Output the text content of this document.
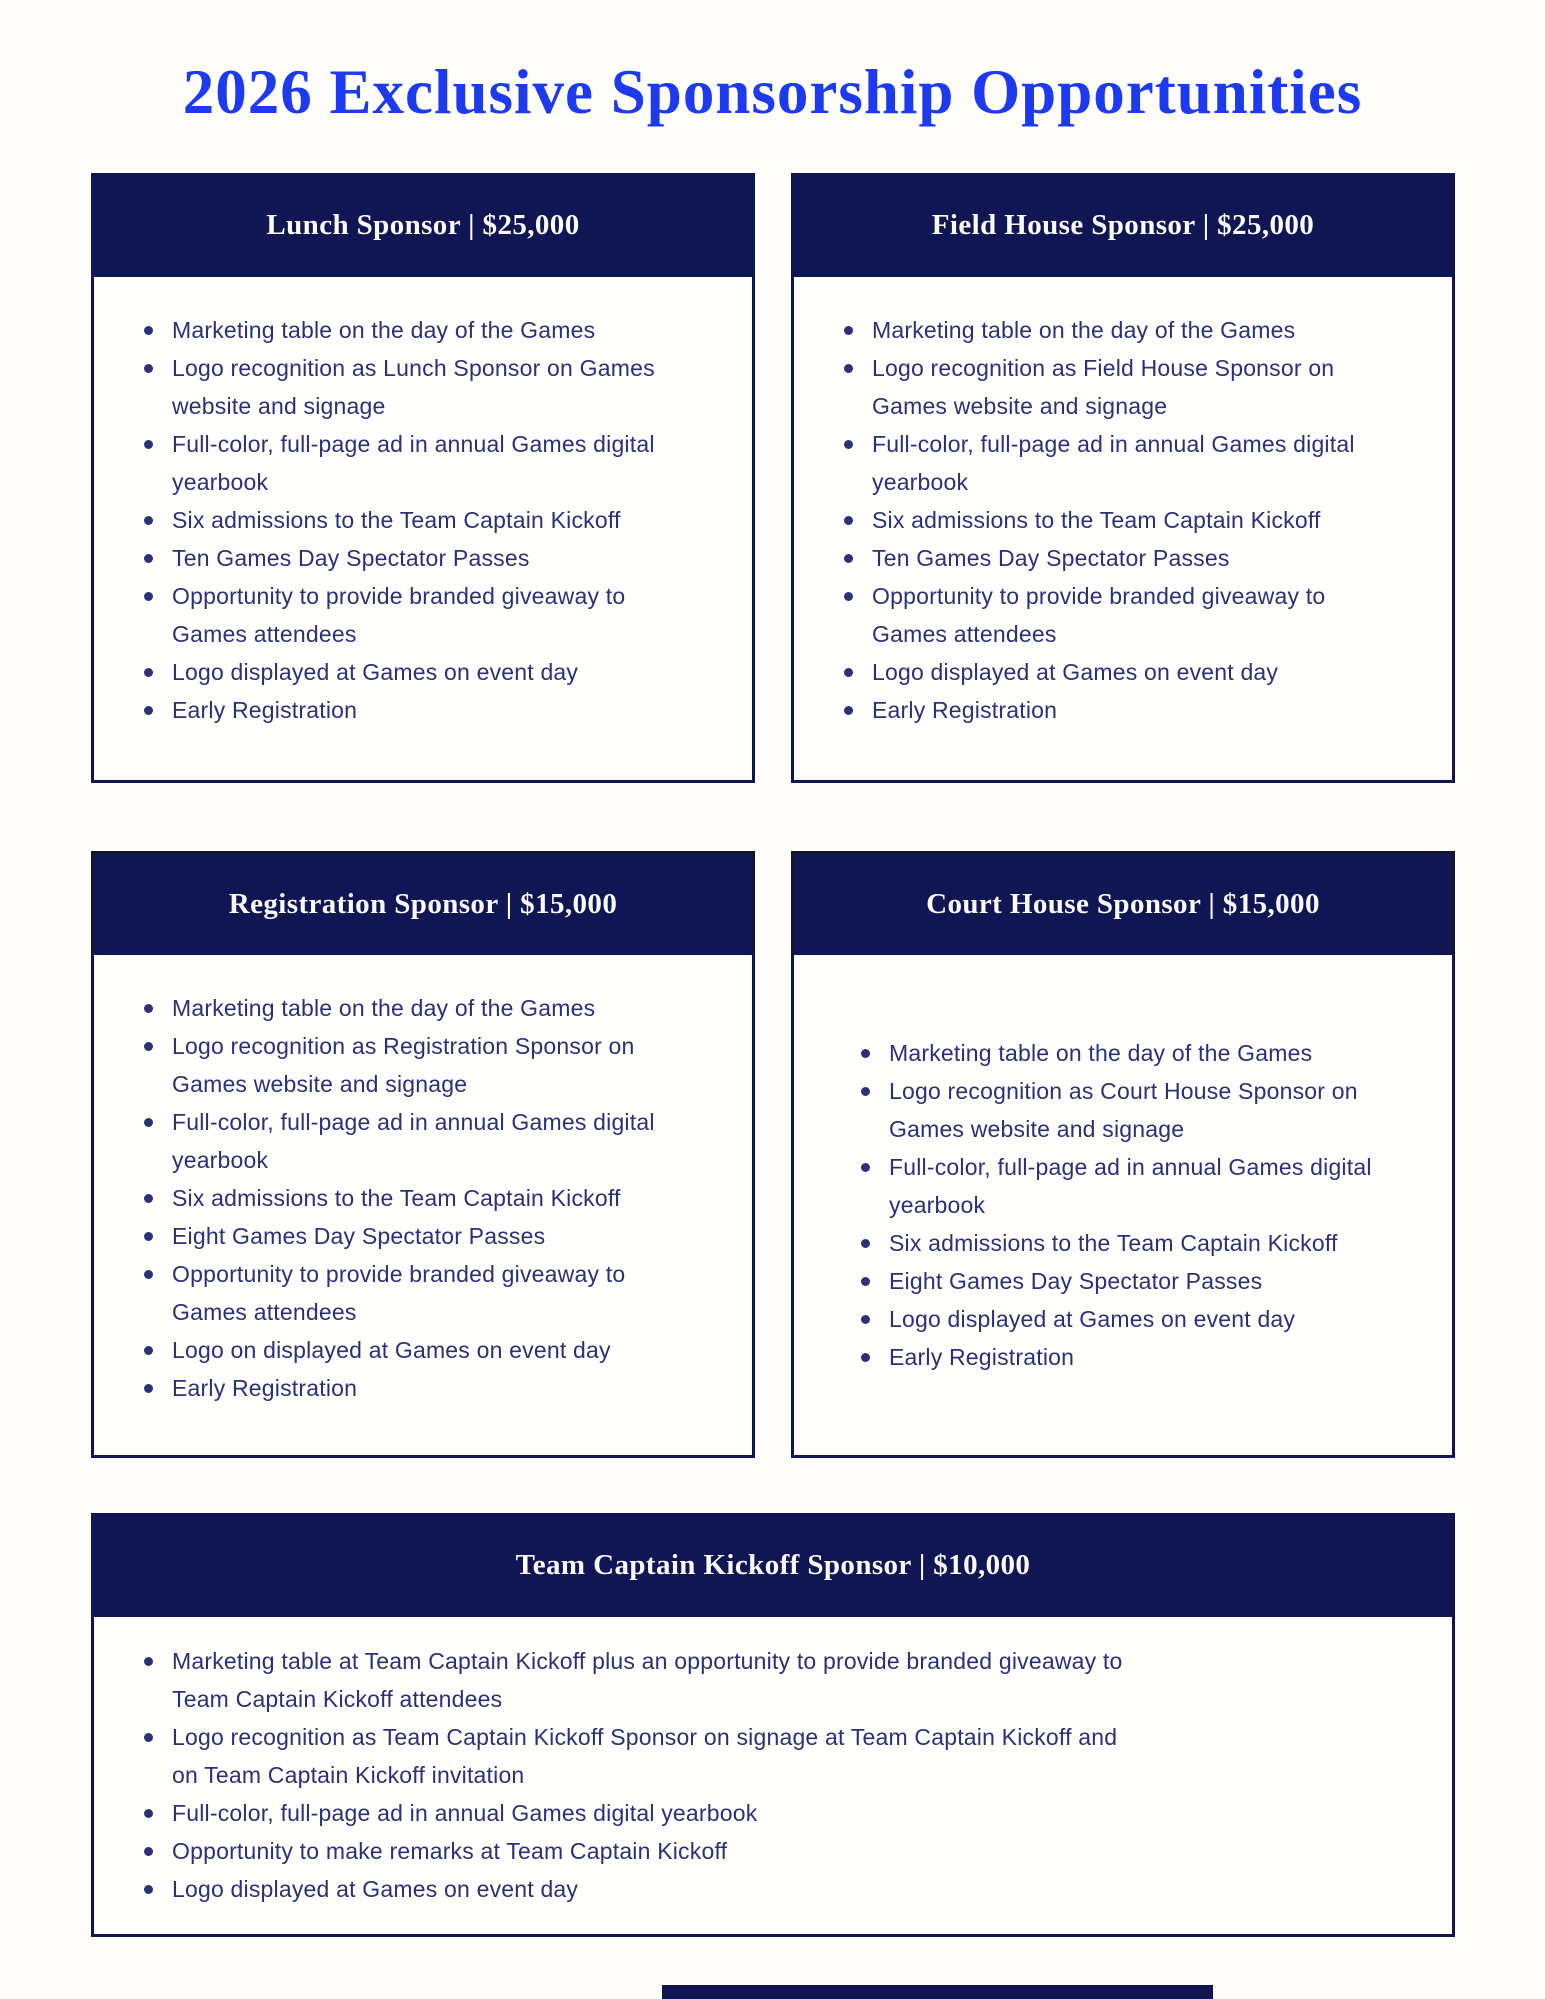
2026 Exclusive Sponsorship Opportunities
Lunch Sponsor | $25,000
Marketing table on the day of the Games
Logo recognition as Lunch Sponsor on Games website and signage
Full-color, full-page ad in annual Games digital yearbook
Six admissions to the Team Captain Kickoff
Ten Games Day Spectator Passes
Opportunity to provide branded giveaway to Games attendees
Logo displayed at Games on event day
Early Registration
Field House Sponsor | $25,000
Marketing table on the day of the Games
Logo recognition as Field House Sponsor on Games website and signage
Full-color, full-page ad in annual Games digital yearbook
Six admissions to the Team Captain Kickoff
Ten Games Day Spectator Passes
Opportunity to provide branded giveaway to Games attendees
Logo displayed at Games on event day
Early Registration
Registration Sponsor | $15,000
Marketing table on the day of the Games
Logo recognition as Registration Sponsor on Games website and signage
Full-color, full-page ad in annual Games digital yearbook
Six admissions to the Team Captain Kickoff
Eight Games Day Spectator Passes
Opportunity to provide branded giveaway to Games attendees
Logo on displayed at Games on event day
Early Registration
Court House Sponsor | $15,000
Marketing table on the day of the Games
Logo recognition as Court House Sponsor on Games website and signage
Full-color, full-page ad in annual Games digital yearbook
Six admissions to the Team Captain Kickoff
Eight Games Day Spectator Passes
Logo displayed at Games on event day
Early Registration
Team Captain Kickoff Sponsor | $10,000
Marketing table at Team Captain Kickoff plus an opportunity to provide branded giveaway to Team Captain Kickoff attendees
Logo recognition as Team Captain Kickoff Sponsor on signage at Team Captain Kickoff and on Team Captain Kickoff invitation
Full-color, full-page ad in annual Games digital yearbook
Opportunity to make remarks at Team Captain Kickoff
Logo displayed at Games on event day
